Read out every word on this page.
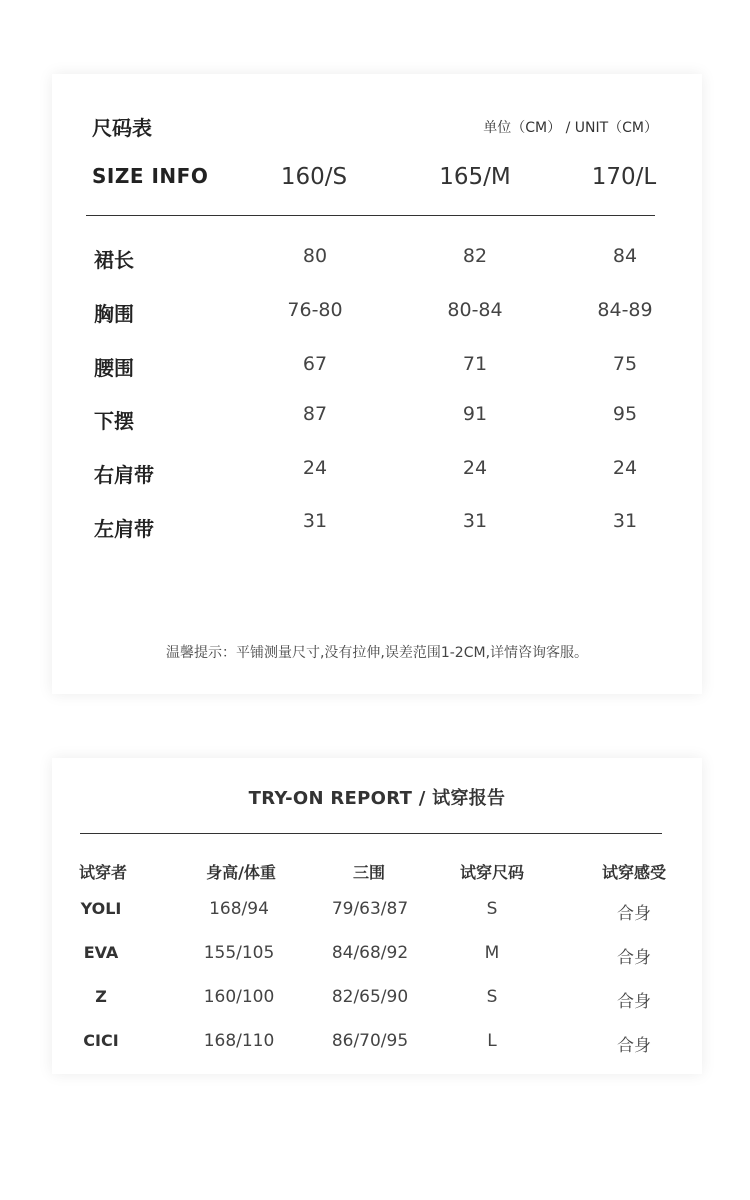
尺码表	单位（CM） / UNIT（CM）
SIZE INFO	160/S	165/M	170/L
裙长	80	82	84
胸围	76-80	80-84	84-89
腰围	67	71	75
下摆	87	91	95
右肩带	24	24	24
左肩带	31	31	31
温馨提示：平铺测量尺寸,没有拉伸,误差范围1-2CM,详情咨询客服。
TRY-ON REPORT / 试穿报告
试穿者	身高/体重	三围	试穿尺码	试穿感受
YOLI	168/94	79/63/87	S	合身
EVA	155/105	84/68/92	M	合身
Z	160/100	82/65/90	S	合身
CICI	168/110	86/70/95	L	合身
